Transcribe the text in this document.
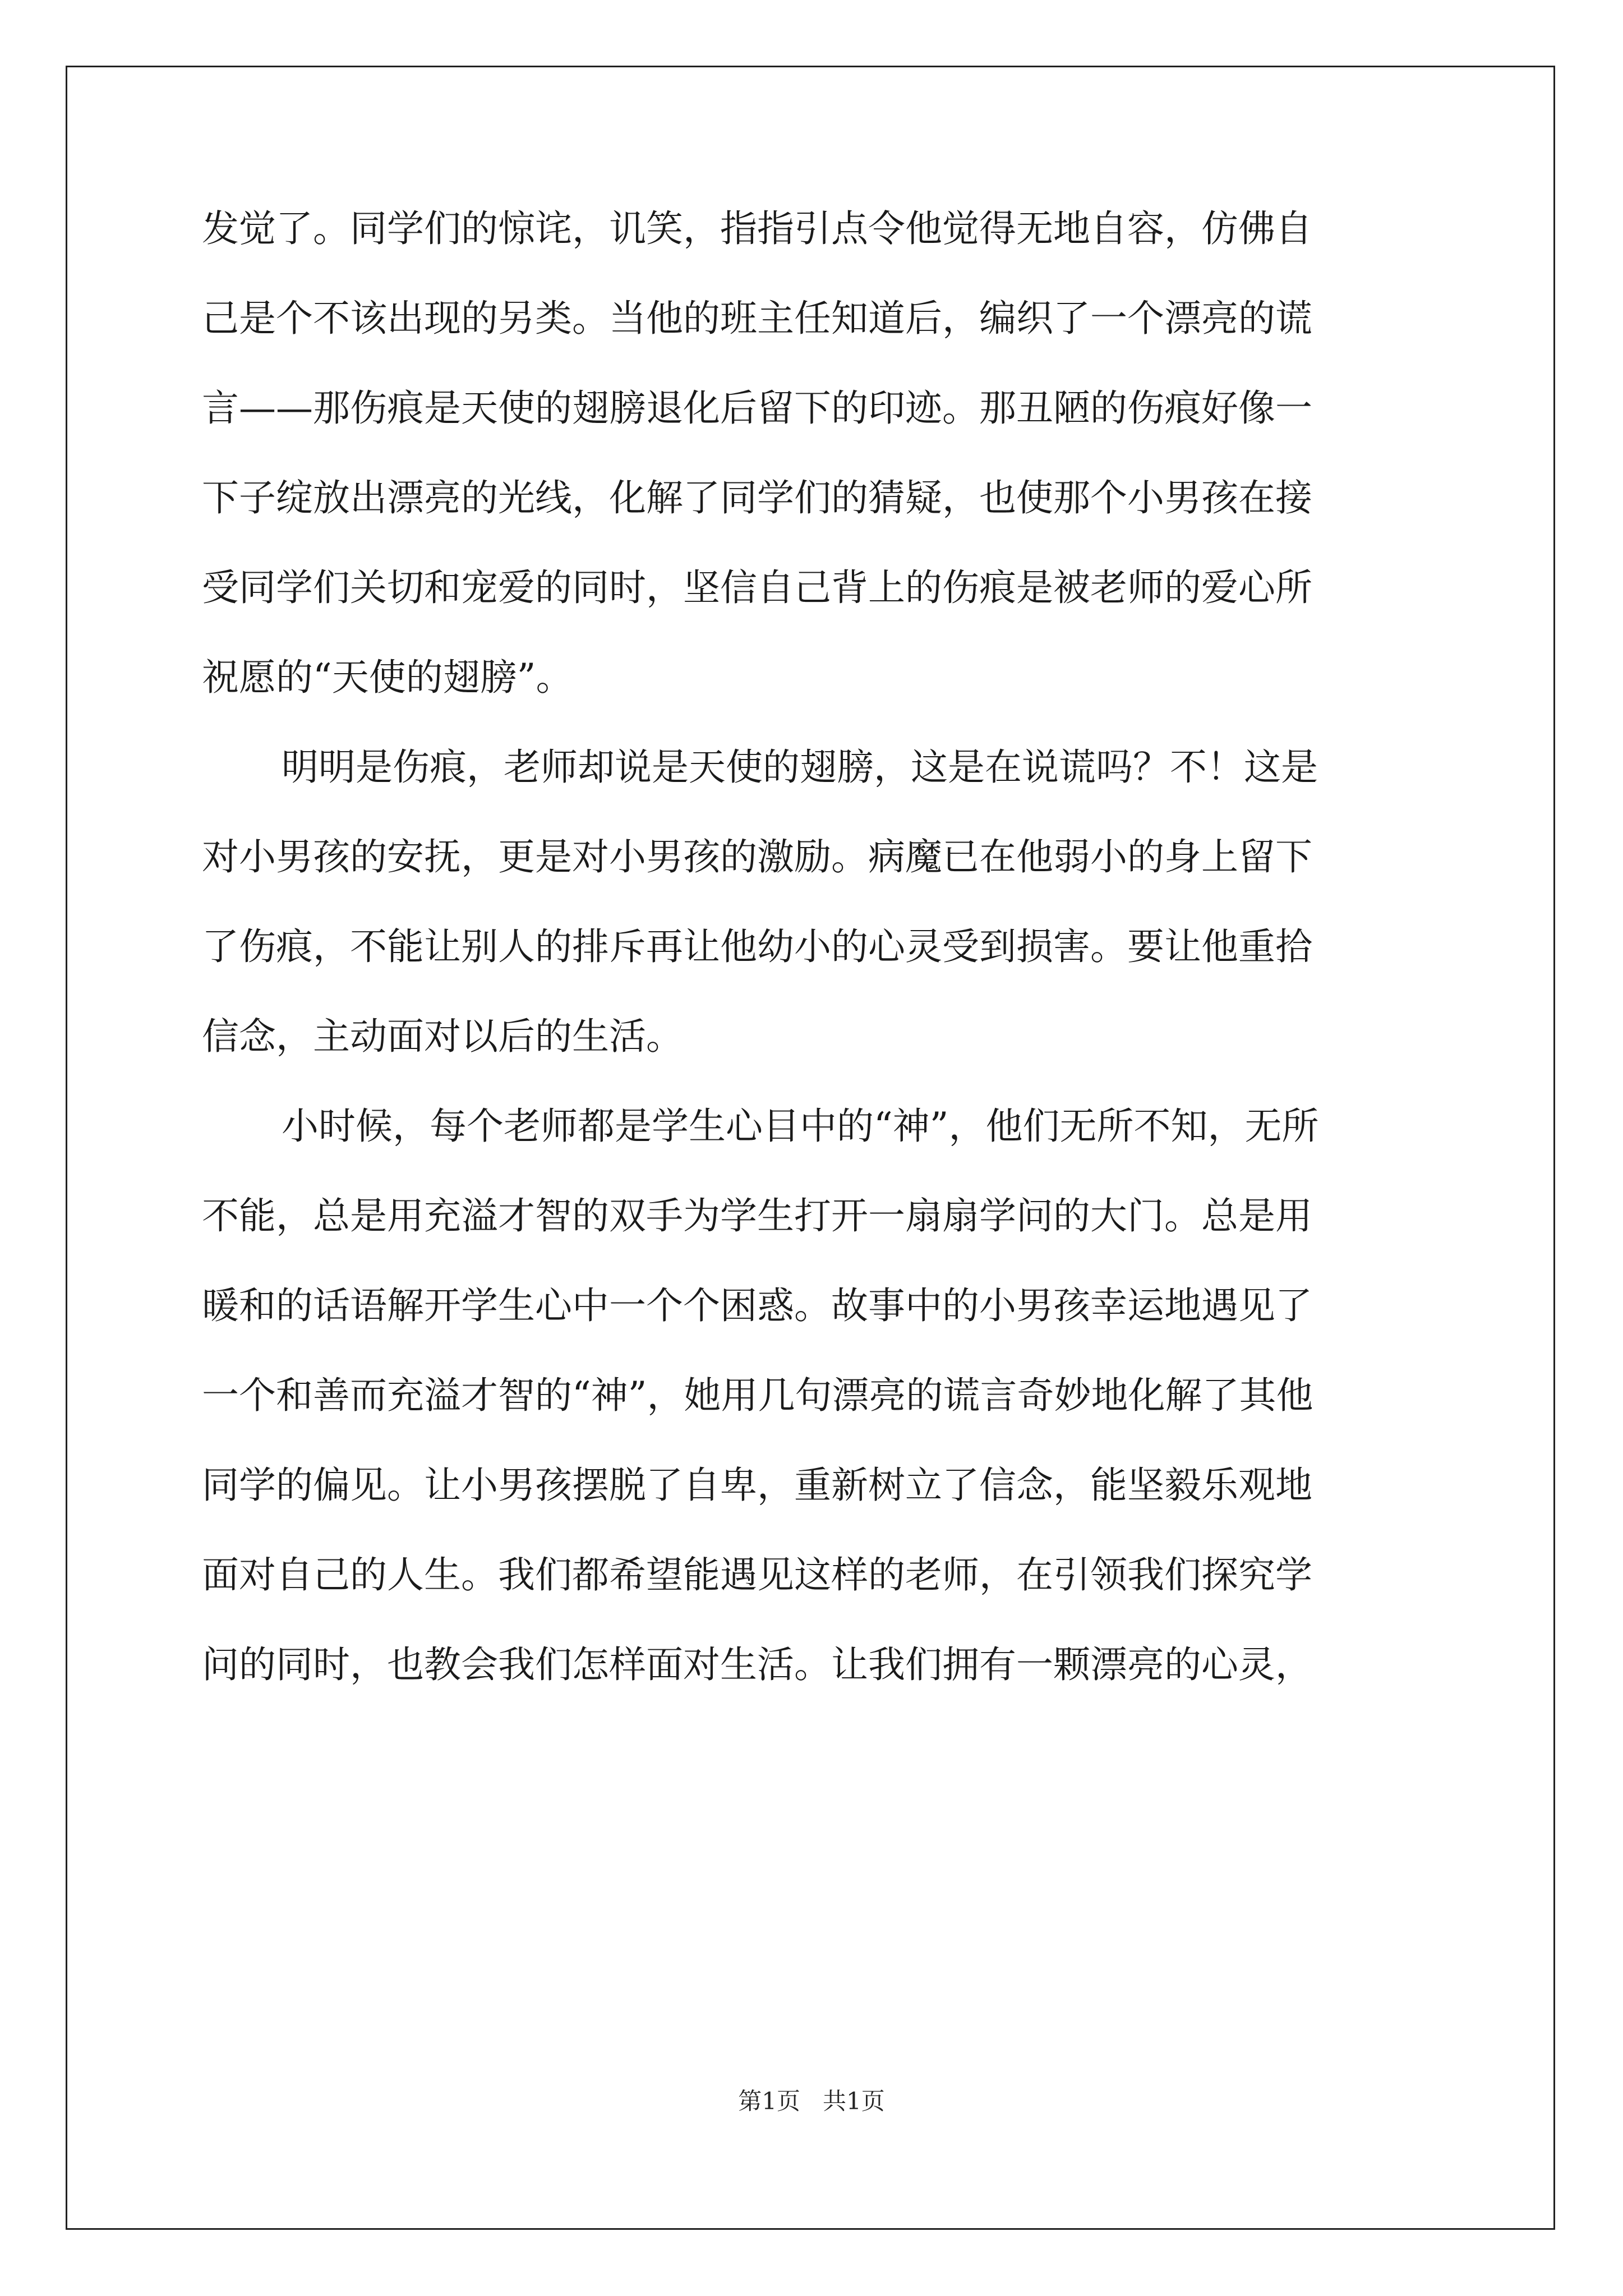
发觉了。同学们的惊诧，讥笑，指指引点令他觉得无地自容，仿佛自
己是个不该出现的另类。当他的班主任知道后，编织了一个漂亮的谎
言——那伤痕是天使的翅膀退化后留下的印迹。那丑陋的伤痕好像一
下子绽放出漂亮的光线，化解了同学们的猜疑，也使那个小男孩在接
受同学们关切和宠爱的同时，坚信自己背上的伤痕是被老师的爱心所
祝愿的“天使的翅膀”。
明明是伤痕，老师却说是天使的翅膀，这是在说谎吗？不！这是
对小男孩的安抚，更是对小男孩的激励。病魔已在他弱小的身上留下
了伤痕，不能让别人的排斥再让他幼小的心灵受到损害。要让他重拾
信念，主动面对以后的生活。
小时候，每个老师都是学生心目中的“神”，他们无所不知，无所
不能，总是用充溢才智的双手为学生打开一扇扇学问的大门。总是用
暖和的话语解开学生心中一个个困惑。故事中的小男孩幸运地遇见了
一个和善而充溢才智的“神”，她用几句漂亮的谎言奇妙地化解了其他
同学的偏见。让小男孩摆脱了自卑，重新树立了信念，能坚毅乐观地
面对自己的人生。我们都希望能遇见这样的老师，在引领我们探究学
问的同时，也教会我们怎样面对生活。让我们拥有一颗漂亮的心灵，
第1页   共1页
